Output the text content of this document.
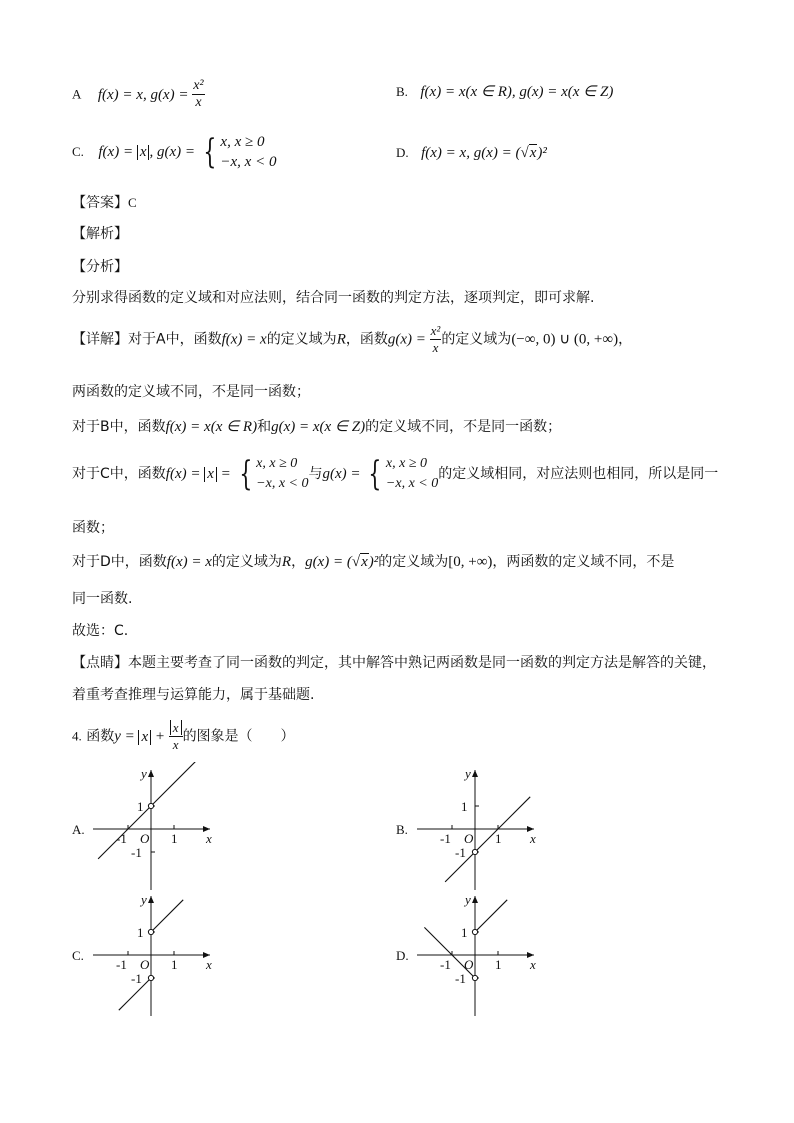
A f(x) = x, $g(x) = \frac{\text{x²}}{x}$	B. f(x) = x(x ∈ R), g(x) = x(x ∈ Z)
C. f(x) = x , g(x) = { x, x ≥ 0
−x, x < 0
D. f(x) = x, g(x) = (√x)²
【答案】C
【解析】
【分析】
分别求得函数的定义域和对应法则，结合同一函数的判定方法，逐项判定，即可求解.
【详解】对于A中，函数f(x) = x的定义域为R，函数$g(x) = \frac{\text{x²}}{x}$ 的定义域为(−∞, 0) ∪ (0, +∞)，
两函数的定义域不同，不是同一函数；
对于B中，函数f(x) = x(x ∈ R)和g(x) = x(x ∈ Z)的定义域不同，不是同一函数；
对于C中，函数f(x) = x = { x, x ≥ 0
−x, x < 0
与g(x) = { x, x ≥ 0
−x, x < 0
的定义域相同，对应法则也相同，所以是同一
函数；
对于D中，函数f(x) = x的定义域为R，g(x) = (√x)²的定义域为[0, +∞)，两函数的定义域不同，不是
同一函数.
故选：C.
【点睛】本题主要考查了同一函数的判定，其中解答中熟记两函数是同一函数的判定方法是解答的关键，
着重考查推理与运算能力，属于基础题.
4. 函数$y = x + \frac{x}{x}$ 的图象是（　　）
A.	B.
C.	D.
x
y
O
-1	1
1
-1
x
y
O
-1	1
1
-1
x
y
O
-1	1
1
-1
x
y
O
-1	1
1
-1
